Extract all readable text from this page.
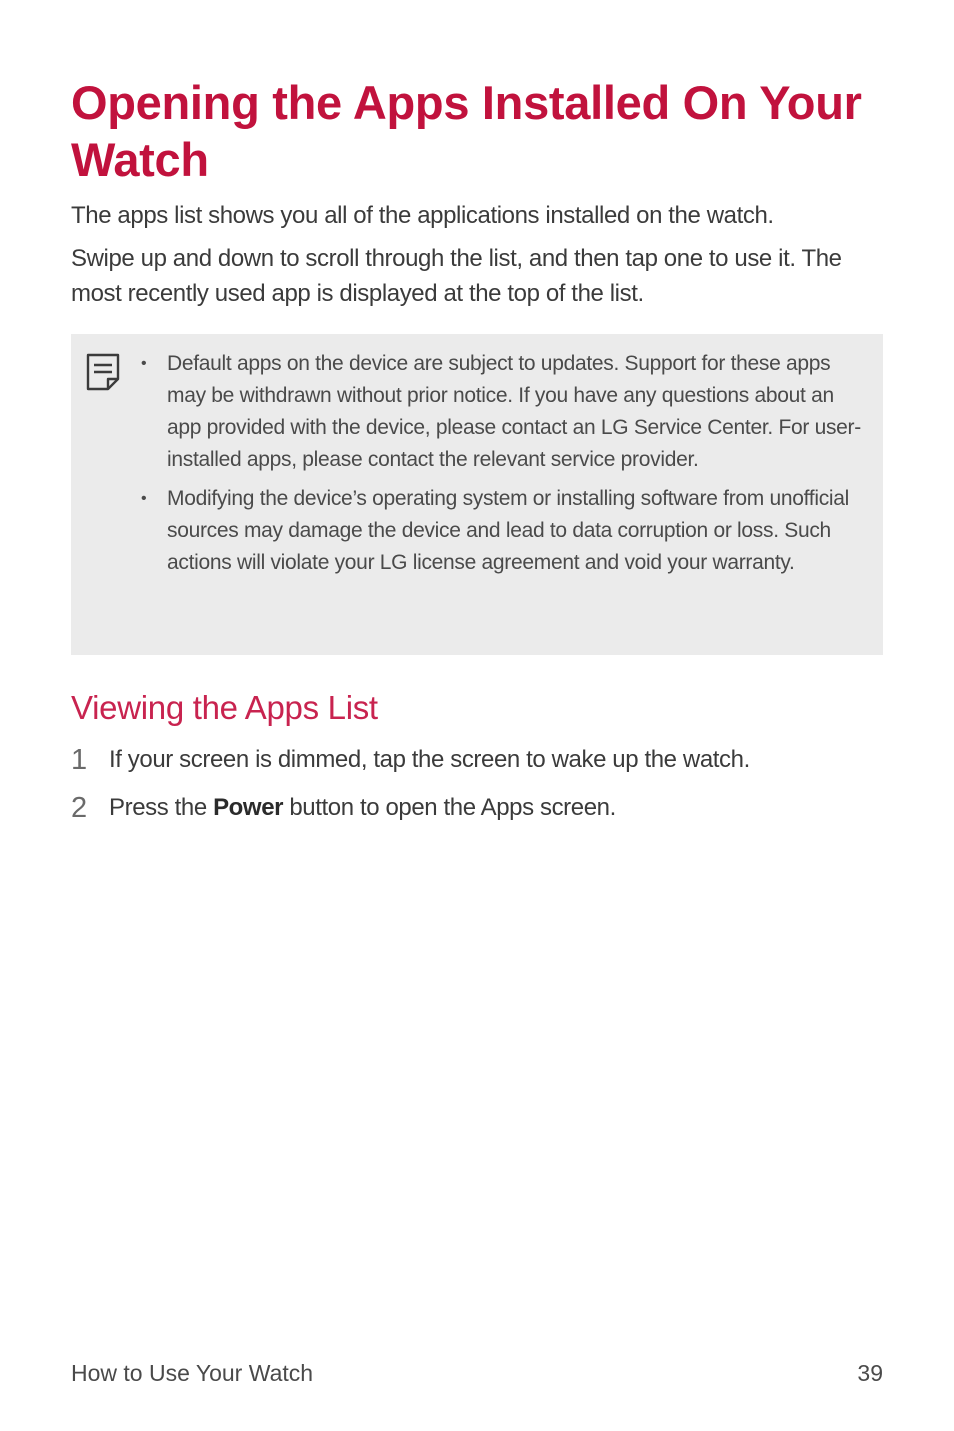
Opening the Apps Installed On Your Watch

The apps list shows you all of the applications installed on the watch.

Swipe up and down to scroll through the list, and then tap one to use it. The most recently used app is displayed at the top of the list.

• Default apps on the device are subject to updates. Support for these apps may be withdrawn without prior notice. If you have any questions about an app provided with the device, please contact an LG Service Center. For user-installed apps, please contact the relevant service provider.
• Modifying the device’s operating system or installing software from unofficial sources may damage the device and lead to data corruption or loss. Such actions will violate your LG license agreement and void your warranty.
Viewing the Apps List
1 If your screen is dimmed, tap the screen to wake up the watch.
2 Press the Power button to open the Apps screen.
How to Use Your Watch	39
